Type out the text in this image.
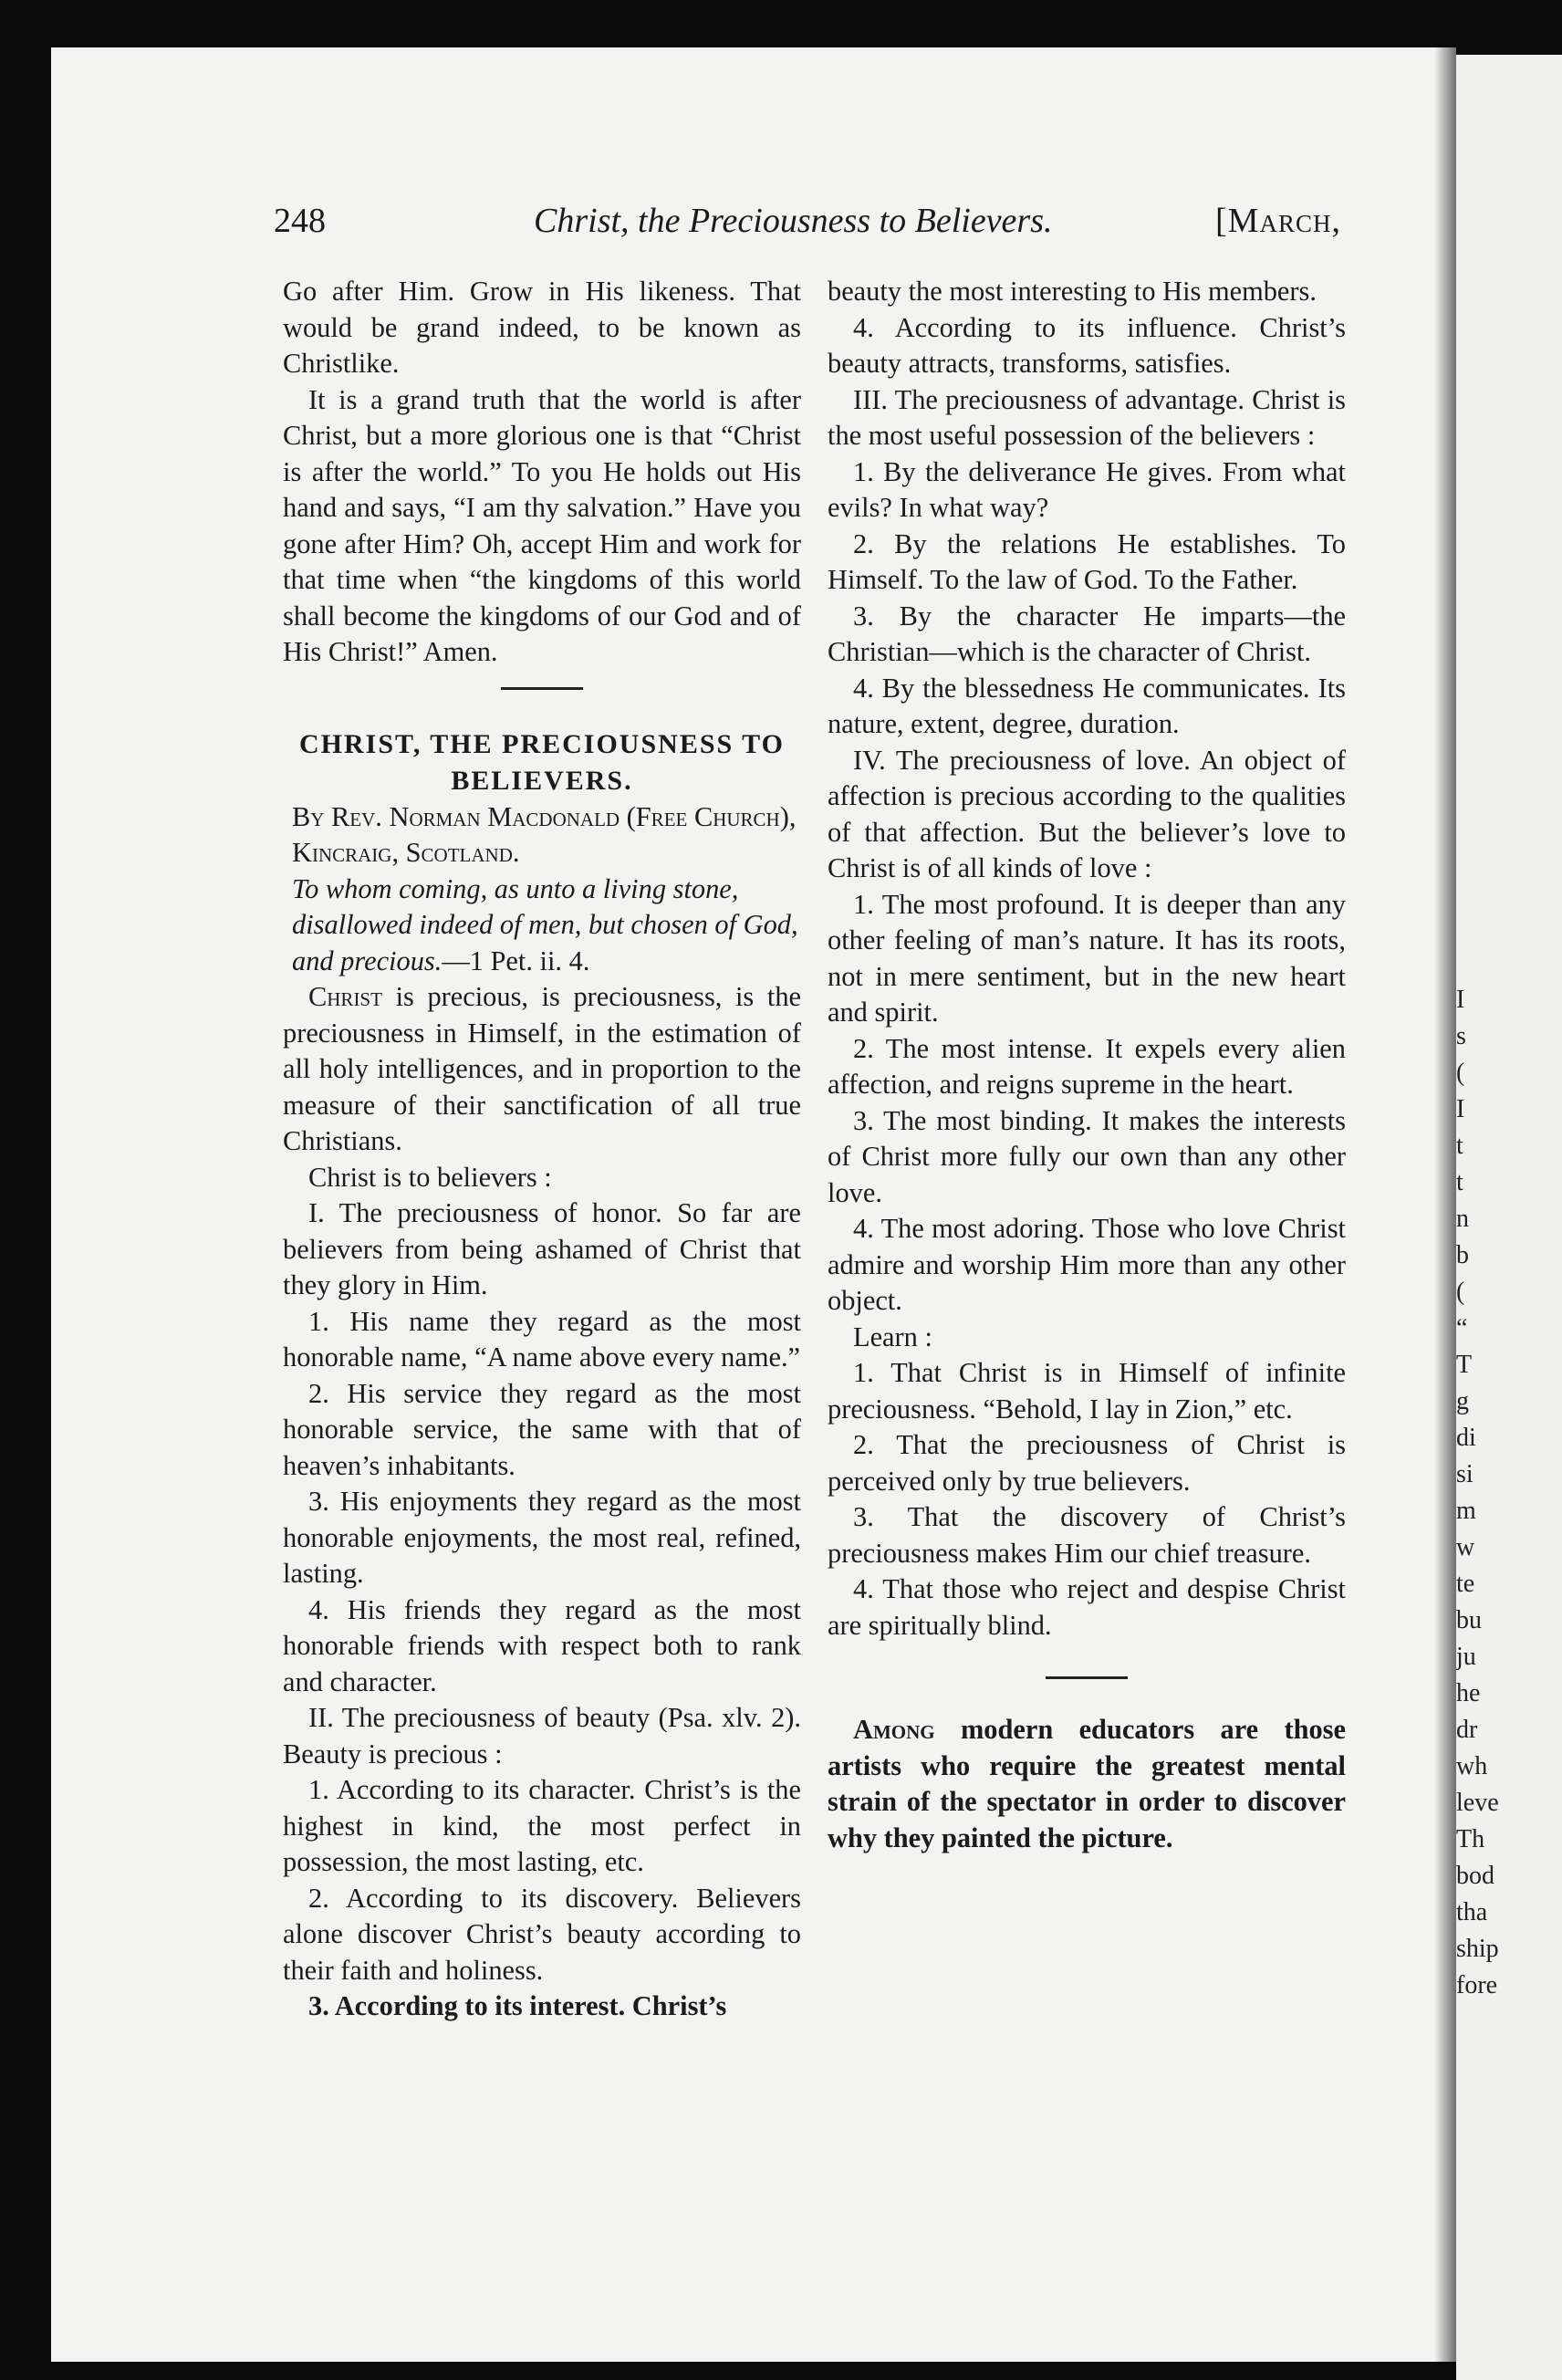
I
s
(
I
t
t
n
b
(
“
T
g
di
si
m
w
te
bu
ju
he
dr
wh
leve
Th
bod
tha
ship
fore
248	Christ, the Preciousness to Believers.	[March,

Go after Him. Grow in His likeness. That would be grand indeed, to be known as Christlike.

It is a grand truth that the world is after Christ, but a more glorious one is that “Christ is after the world.” To you He holds out His hand and says, “I am thy salvation.” Have you gone after Him? Oh, accept Him and work for that time when “the kingdoms of this world shall become the kingdoms of our God and of His Christ!” Amen.

CHRIST, THE PRECIOUSNESS TO BELIEVERS.

By Rev. Norman Macdonald (Free Church), Kincraig, Scotland.

To whom coming, as unto a living stone, disallowed indeed of men, but chosen of God, and precious.—1 Pet. ii. 4.

Christ is precious, is preciousness, is the preciousness in Himself, in the estimation of all holy intelligences, and in proportion to the measure of their sanctification of all true Christians.

Christ is to believers :

I. The preciousness of honor. So far are believers from being ashamed of Christ that they glory in Him.

1. His name they regard as the most honorable name, “A name above every name.”

2. His service they regard as the most honorable service, the same with that of heaven’s inhabitants.

3. His enjoyments they regard as the most honorable enjoyments, the most real, refined, lasting.

4. His friends they regard as the most honorable friends with respect both to rank and character.

II. The preciousness of beauty (Psa. xlv. 2). Beauty is precious :

1. According to its character. Christ’s is the highest in kind, the most perfect in possession, the most lasting, etc.

2. According to its discovery. Believers alone discover Christ’s beauty according to their faith and holiness.

3. According to its interest. Christ’s

beauty the most interesting to His members.

4. According to its influence. Christ’s beauty attracts, transforms, satisfies.

III. The preciousness of advantage. Christ is the most useful possession of the believers :

1. By the deliverance He gives. From what evils? In what way?

2. By the relations He establishes. To Himself. To the law of God. To the Father.

3. By the character He imparts—the Christian—which is the character of Christ.

4. By the blessedness He communicates. Its nature, extent, degree, duration.

IV. The preciousness of love. An object of affection is precious according to the qualities of that affection. But the believer’s love to Christ is of all kinds of love :

1. The most profound. It is deeper than any other feeling of man’s nature. It has its roots, not in mere sentiment, but in the new heart and spirit.

2. The most intense. It expels every alien affection, and reigns supreme in the heart.

3. The most binding. It makes the interests of Christ more fully our own than any other love.

4. The most adoring. Those who love Christ admire and worship Him more than any other object.

Learn :

1. That Christ is in Himself of infinite preciousness. “Behold, I lay in Zion,” etc.

2. That the preciousness of Christ is perceived only by true believers.

3. That the discovery of Christ’s preciousness makes Him our chief treasure.

4. That those who reject and despise Christ are spiritually blind.

Among modern educators are those artists who require the greatest mental strain of the spectator in order to discover why they painted the picture.
